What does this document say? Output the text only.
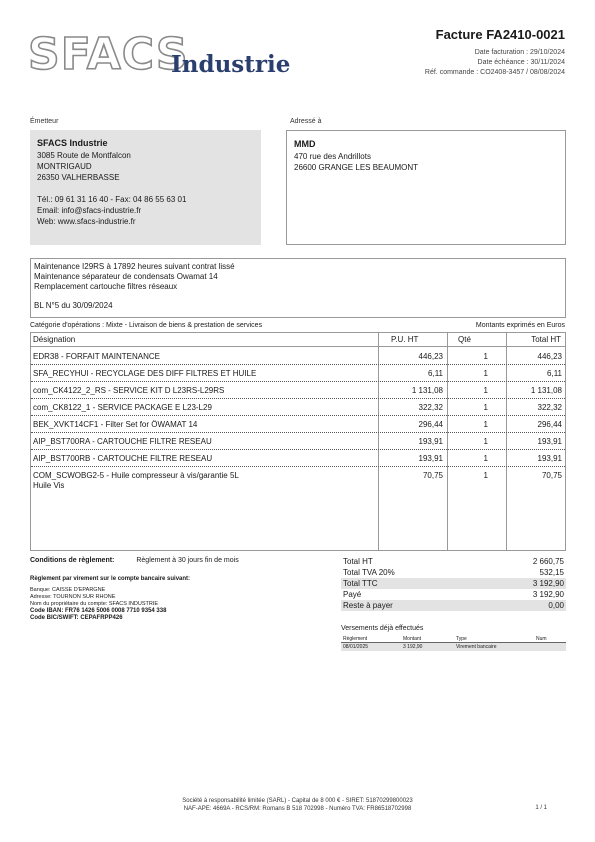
SFACS
Industrie
Facture FA2410-0021
Date facturation : 29/10/2024
Date échéance : 30/11/2024
Réf. commande : CO2408-3457 / 08/08/2024
Émetteur
SFACS Industrie
3085 Route de Montfalcon
MONTRIGAUD
26350 VALHERBASSE
Tél.: 09 61 31 16 40 - Fax: 04 86 55 63 01
Email: info@sfacs-industrie.fr
Web: www.sfacs-industrie.fr
Adressé à
MMD
470 rue des Andrillots
26600 GRANGE LES BEAUMONT
Maintenance I29RS à 17892 heures suivant contrat lissé
Maintenance séparateur de condensats Owamat 14
Remplacement cartouche filtres réseaux
BL N°5 du 30/09/2024
Catégorie d'opérations : Mixte - Livraison de biens & prestation de services	Montants exprimés en Euros
Désignation	P.U. HT	Qté	Total HT
EDR38 - FORFAIT MAINTENANCE	446,23	1	446,23
SFA_RECYHUI - RECYCLAGE DES DIFF FILTRES ET HUILE	6,11	1	6,11
com_CK4122_2_RS - SERVICE KIT D L23RS-L29RS	1 131,08	1	1 131,08
com_CK8122_1 - SERVICE PACKAGE E L23-L29	322,32	1	322,32
BEK_XVKT14CF1 - Filter Set for ÖWAMAT 14	296,44	1	296,44
AIP_BST700RA - CARTOUCHE FILTRE RESEAU	193,91	1	193,91
AIP_BST700RB - CARTOUCHE FILTRE RESEAU	193,91	1	193,91
COM_SCWOBG2-5 - Huile compresseur à vis/garantie 5L
Huile Vis
70,75	1	70,75
Conditions de règlement:	Règlement à 30 jours fin de mois
Règlement par virement sur le compte bancaire suivant:
Banque: CAISSE D'EPARGNE
Adresse: TOURNON SUR RHONE
Nom du propriétaire du compte: SFACS INDUSTRIE
Code IBAN: FR76 1426 5006 0008 7710 9354 338
Code BIC/SWIFT: CEPAFRPP426
Total HT	2 660,75
Total TVA 20%	532,15
Total TTC	3 192,90
Payé	3 192,90
Reste à payer	0,00
Versements déjà effectués
Règlement	Montant	Type	Num
08/01/2025	3 192,90	Virement bancaire
Société à responsabilité limitée (SARL) - Capital de 8 000 € - SIRET: 51870299800023
NAF-APE: 4669A - RCS/RM: Romans B 518 702998 - Numéro TVA: FR86518702998	1 / 1
